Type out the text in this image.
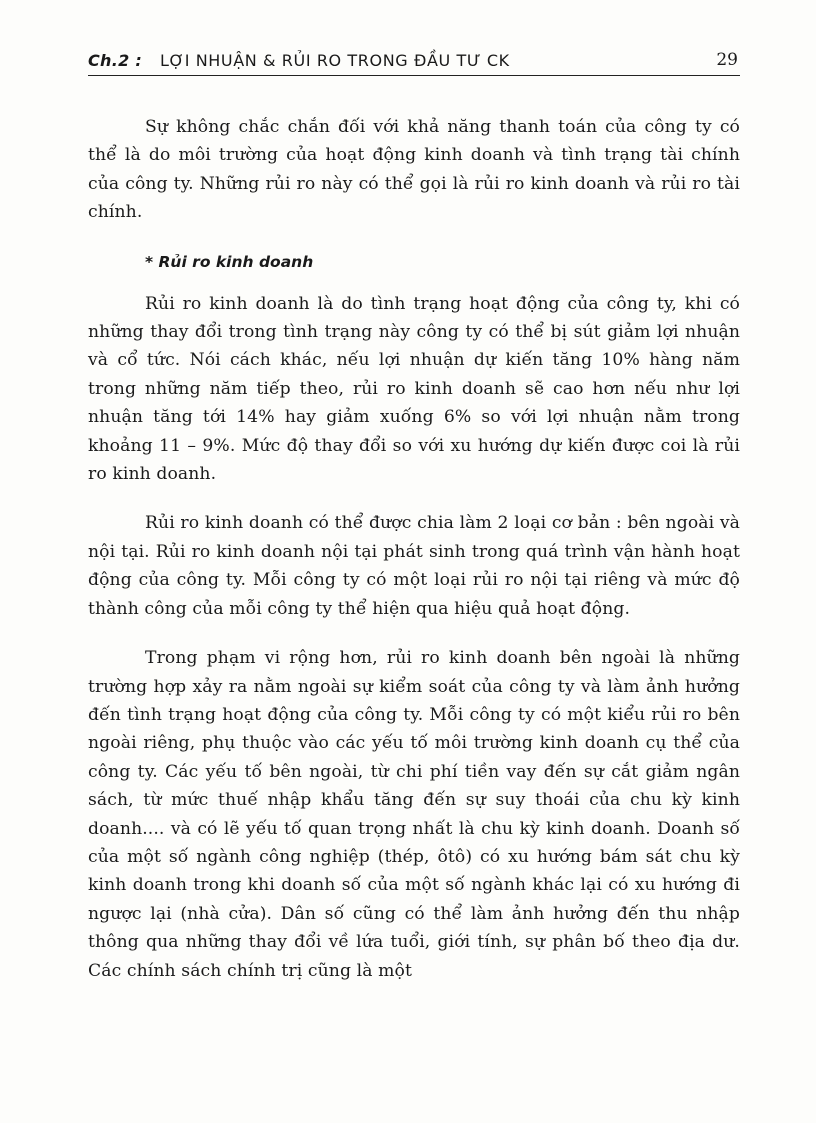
Ch.2 : LỢI NHUẬN & RỦI RO TRONG ĐẦU TƯ CK	29

Sự không chắc chắn đối với khả năng thanh toán của công ty có thể là do môi trường của hoạt động kinh doanh và tình trạng tài chính của công ty. Những rủi ro này có thể gọi là rủi ro kinh doanh và rủi ro tài chính.

* Rủi ro kinh doanh

Rủi ro kinh doanh là do tình trạng hoạt động của công ty, khi có những thay đổi trong tình trạng này công ty có thể bị sút giảm lợi nhuận và cổ tức. Nói cách khác, nếu lợi nhuận dự kiến tăng 10% hàng năm trong những năm tiếp theo, rủi ro kinh doanh sẽ cao hơn nếu như lợi nhuận tăng tới 14% hay giảm xuống 6% so với lợi nhuận nằm trong khoảng 11 – 9%. Mức độ thay đổi so với xu hướng dự kiến được coi là rủi ro kinh doanh.

Rủi ro kinh doanh có thể được chia làm 2 loại cơ bản : bên ngoài và nội tại. Rủi ro kinh doanh nội tại phát sinh trong quá trình vận hành hoạt động của công ty. Mỗi công ty có một loại rủi ro nội tại riêng và mức độ thành công của mỗi công ty thể hiện qua hiệu quả hoạt động.

Trong phạm vi rộng hơn, rủi ro kinh doanh bên ngoài là những trường hợp xảy ra nằm ngoài sự kiểm soát của công ty và làm ảnh hưởng đến tình trạng hoạt động của công ty. Mỗi công ty có một kiểu rủi ro bên ngoài riêng, phụ thuộc vào các yếu tố môi trường kinh doanh cụ thể của công ty. Các yếu tố bên ngoài, từ chi phí tiền vay đến sự cắt giảm ngân sách, từ mức thuế nhập khẩu tăng đến sự suy thoái của chu kỳ kinh doanh.... và có lẽ yếu tố quan trọng nhất là chu kỳ kinh doanh. Doanh số của một số ngành công nghiệp (thép, ôtô) có xu hướng bám sát chu kỳ kinh doanh trong khi doanh số của một số ngành khác lại có xu hướng đi ngược lại (nhà cửa). Dân số cũng có thể làm ảnh hưởng đến thu nhập thông qua những thay đổi về lứa tuổi, giới tính, sự phân bố theo địa dư. Các chính sách chính trị cũng là một
